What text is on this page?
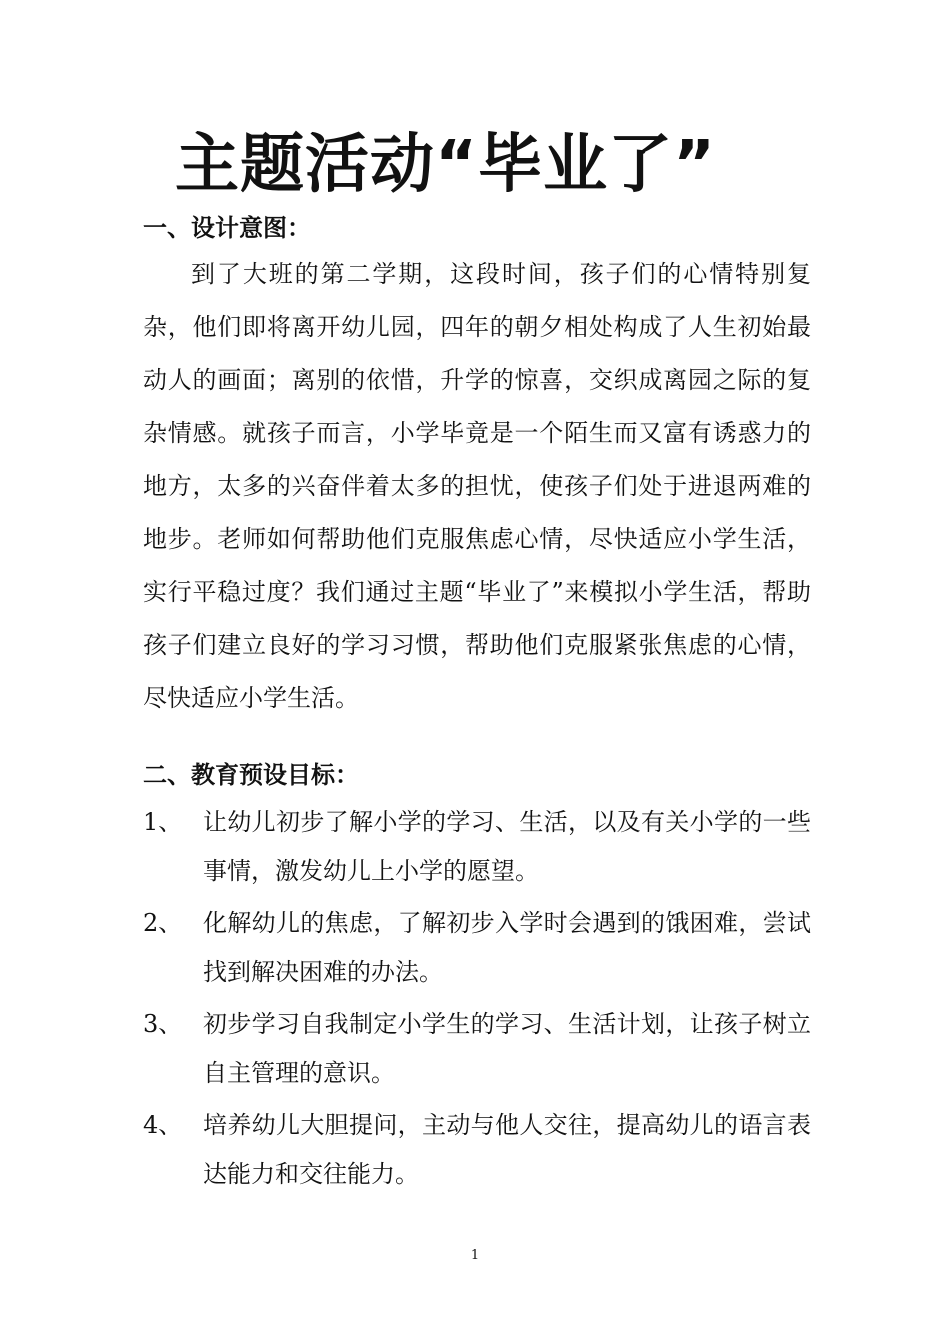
主题活动“毕业了”
一、设计意图：
到了大班的第二学期，这段时间，孩子们的心情特别复杂，他们即将离开幼儿园，四年的朝夕相处构成了人生初始最动人的画面；离别的依惜，升学的惊喜，交织成离园之际的复杂情感。就孩子而言，小学毕竟是一个陌生而又富有诱惑力的地方，太多的兴奋伴着太多的担忧，使孩子们处于进退两难的地步。老师如何帮助他们克服焦虑心情，尽快适应小学生活，实行平稳过度？我们通过主题“毕业了”来模拟小学生活，帮助孩子们建立良好的学习习惯，帮助他们克服紧张焦虑的心情，尽快适应小学生活。
二、教育预设目标：
1、 让幼儿初步了解小学的学习、生活，以及有关小学的一些事情，激发幼儿上小学的愿望。
2、 化解幼儿的焦虑，了解初步入学时会遇到的饿困难，尝试找到解决困难的办法。
3、 初步学习自我制定小学生的学习、生活计划，让孩子树立自主管理的意识。
4、 培养幼儿大胆提问，主动与他人交往，提高幼儿的语言表达能力和交往能力。
1
